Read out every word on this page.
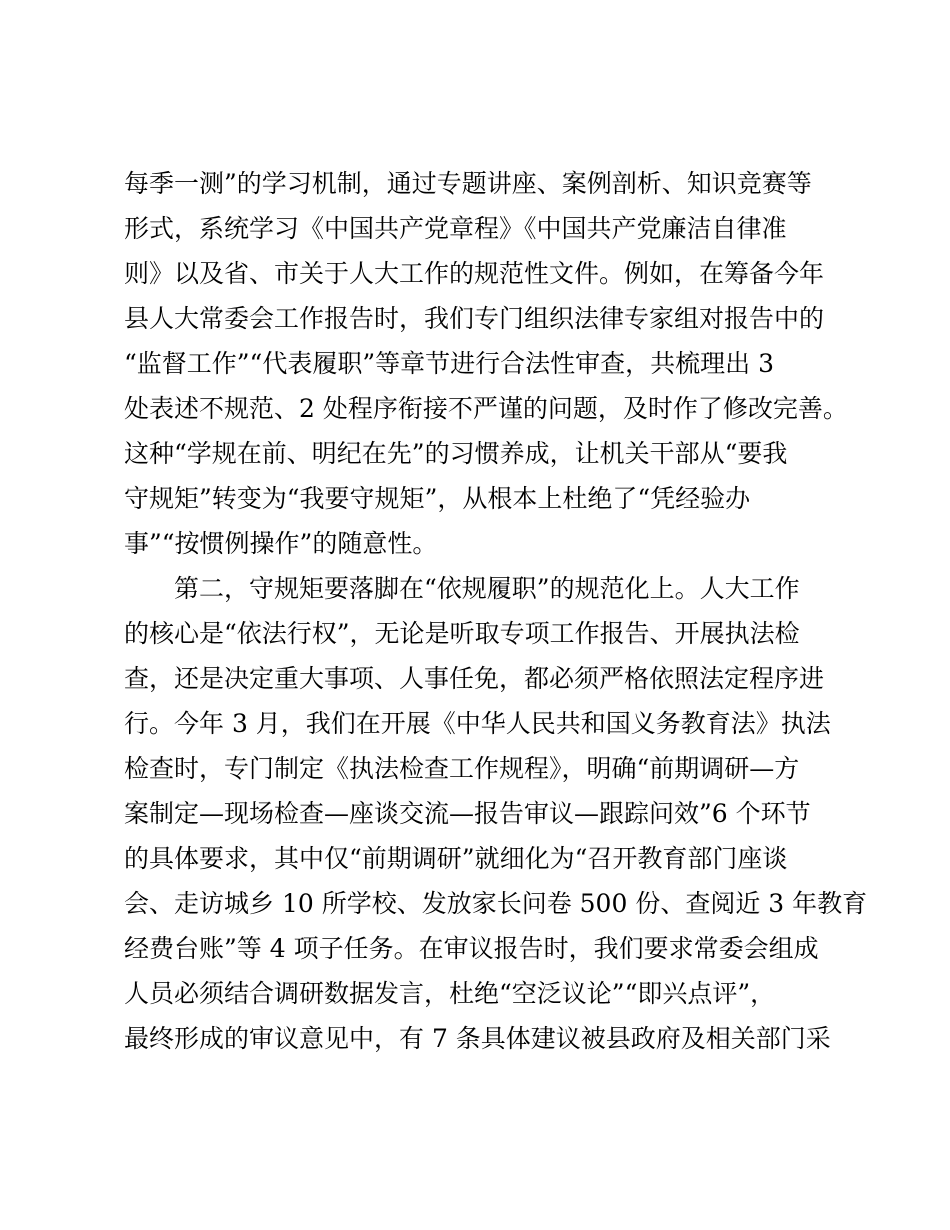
每季一测”的学习机制，通过专题讲座、案例剖析、知识竞赛等
形式，系统学习《中国共产党章程》《中国共产党廉洁自律准
则》以及省、市关于人大工作的规范性文件。例如，在筹备今年
县人大常委会工作报告时，我们专门组织法律专家组对报告中的
“监督工作”“代表履职”等章节进行合法性审查，共梳理出 3
处表述不规范、2 处程序衔接不严谨的问题，及时作了修改完善。
这种“学规在前、明纪在先”的习惯养成，让机关干部从“要我
守规矩”转变为“我要守规矩”，从根本上杜绝了“凭经验办
事”“按惯例操作”的随意性。
第二，守规矩要落脚在“依规履职”的规范化上。人大工作
的核心是“依法行权”，无论是听取专项工作报告、开展执法检
查，还是决定重大事项、人事任免，都必须严格依照法定程序进
行。今年 3 月，我们在开展《中华人民共和国义务教育法》执法
检查时，专门制定《执法检查工作规程》，明确“前期调研—方
案制定—现场检查—座谈交流—报告审议—跟踪问效”6 个环节
的具体要求，其中仅“前期调研”就细化为“召开教育部门座谈
会、走访城乡 10 所学校、发放家长问卷 500 份、查阅近 3 年教育
经费台账”等 4 项子任务。在审议报告时，我们要求常委会组成
人员必须结合调研数据发言，杜绝“空泛议论”“即兴点评”，
最终形成的审议意见中，有 7 条具体建议被县政府及相关部门采
